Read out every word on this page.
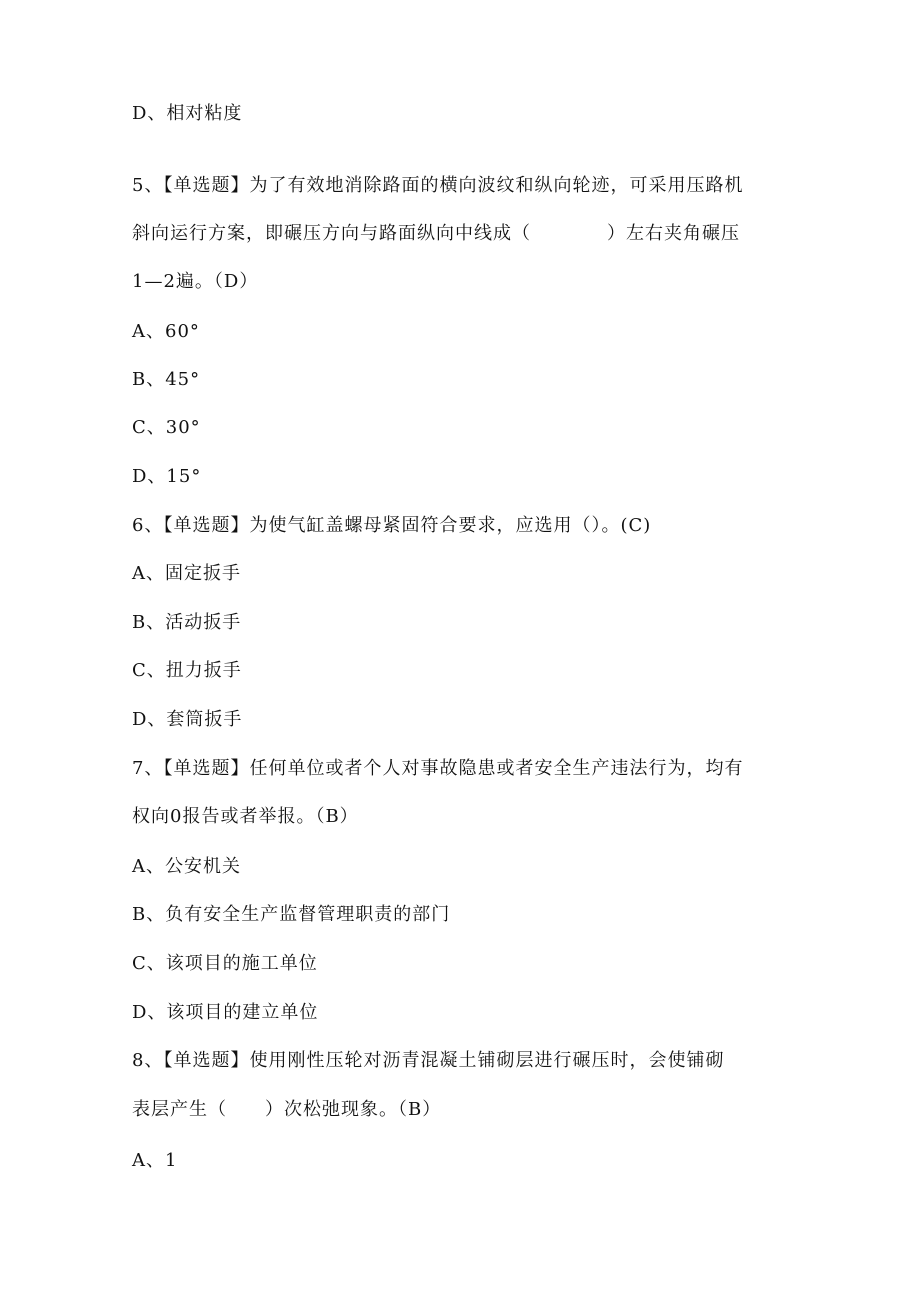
D、相对粘度
5、【单选题】为了有效地消除路面的横向波纹和纵向轮迹，可采用压路机
斜向运行方案，即碾压方向与路面纵向中线成（　　　　）左右夹角碾压
1—2遍。（D）
A、60°
B、45°
C、30°
D、15°
6、【单选题】为使气缸盖螺母紧固符合要求，应选用（）。(C)
A、固定扳手
B、活动扳手
C、扭力扳手
D、套筒扳手
7、【单选题】任何单位或者个人对事故隐患或者安全生产违法行为，均有
权向0报告或者举报。（B）
A、公安机关
B、负有安全生产监督管理职责的部门
C、该项目的施工单位
D、该项目的建立单位
8、【单选题】使用刚性压轮对沥青混凝土铺砌层进行碾压时，会使铺砌
表层产生（　　）次松弛现象。（B）
A、1
